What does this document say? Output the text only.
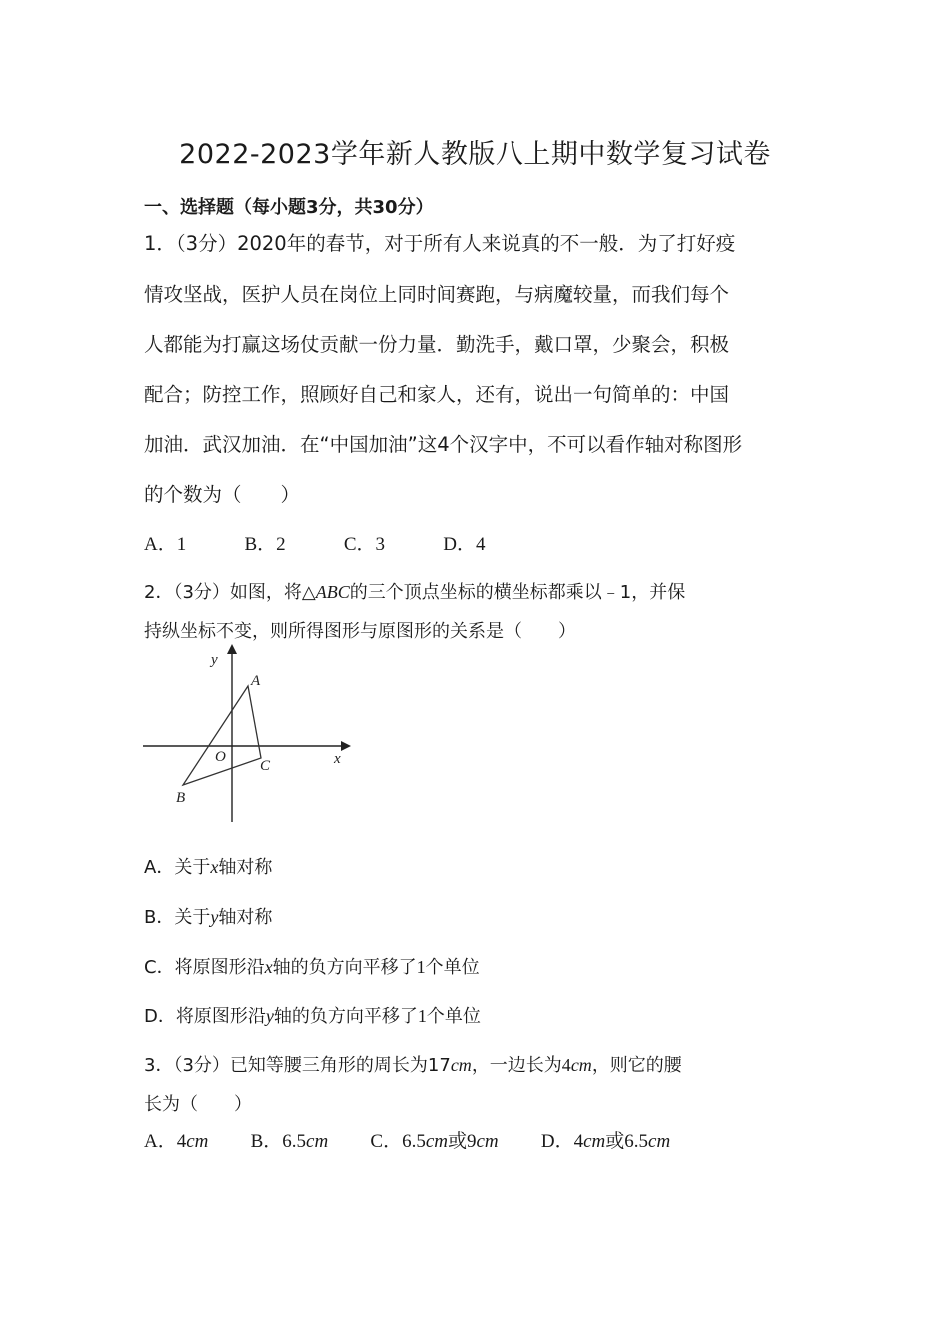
2022-2023学年新人教版八上期中数学复习试卷
一、选择题（每小题3分，共30分）
1．（3分）2020年的春节，对于所有人来说真的不一般．为了打好疫
情攻坚战，医护人员在岗位上同时间赛跑，与病魔较量，而我们每个
人都能为打赢这场仗贡献一份力量．勤洗手，戴口罩，少聚会，积极
配合；防控工作，照顾好自己和家人，还有，说出一句简单的：中国
加油．武汉加油．在“中国加油”这4个汉字中，不可以看作轴对称图形
的个数为（　　）
A．1	B．2	C．3	D．4
2．（3分）如图，将△ABC的三个顶点坐标的横坐标都乘以﹣1，并保
持纵坐标不变，则所得图形与原图形的关系是（　　）
y
x
A
B
C
O
A．关于x轴对称
B．关于y轴对称
C．将原图形沿x轴的负方向平移了1个单位
D．将原图形沿y轴的负方向平移了1个单位
3．（3分）已知等腰三角形的周长为17cm，一边长为4cm，则它的腰
长为（　　）
A．4cm B．6.5cm C．6.5cm或9cm D．4cm或6.5cm
